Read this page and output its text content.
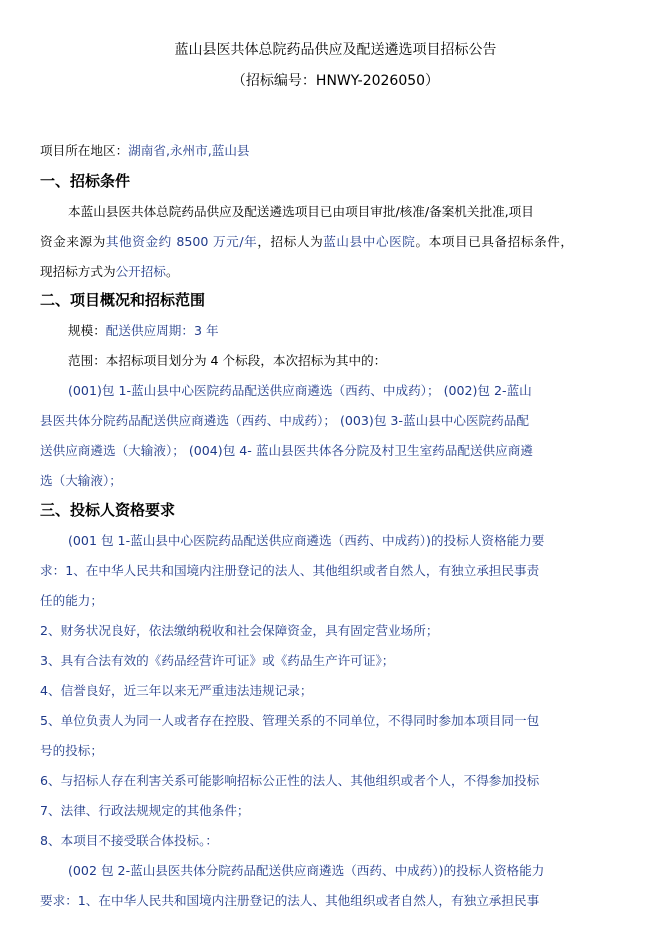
蓝山县医共体总院药品供应及配送遴选项目招标公告
（招标编号：HNWY-2026050）
项目所在地区：湖南省,永州市,蓝山县
一、招标条件
本蓝山县医共体总院药品供应及配送遴选项目已由项目审批/核准/备案机关批准,项目
资金来源为其他资金约 8500 万元/年，招标人为蓝山县中心医院。本项目已具备招标条件，
现招标方式为公开招标。
二、项目概况和招标范围
规模：配送供应周期：3 年
范围：本招标项目划分为 4 个标段，本次招标为其中的：
(001)包 1-蓝山县中心医院药品配送供应商遴选（西药、中成药）； (002)包 2-蓝山
县医共体分院药品配送供应商遴选（西药、中成药）； (003)包 3-蓝山县中心医院药品配
送供应商遴选（大输液）； (004)包 4- 蓝山县医共体各分院及村卫生室药品配送供应商遴
选（大输液）；
三、投标人资格要求
(001 包 1-蓝山县中心医院药品配送供应商遴选（西药、中成药）)的投标人资格能力要
求：1、在中华人民共和国境内注册登记的法人、其他组织或者自然人，有独立承担民事责
任的能力；
2、财务状况良好，依法缴纳税收和社会保障资金，具有固定营业场所；
3、具有合法有效的《药品经营许可证》或《药品生产许可证》；
4、信誉良好，近三年以来无严重违法违规记录；
5、单位负责人为同一人或者存在控股、管理关系的不同单位，不得同时参加本项目同一包
号的投标；
6、与招标人存在利害关系可能影响招标公正性的法人、其他组织或者个人，不得参加投标
7、法律、行政法规规定的其他条件；
8、本项目不接受联合体投标。：
(002 包 2-蓝山县医共体分院药品配送供应商遴选（西药、中成药）)的投标人资格能力
要求：1、在中华人民共和国境内注册登记的法人、其他组织或者自然人，有独立承担民事
